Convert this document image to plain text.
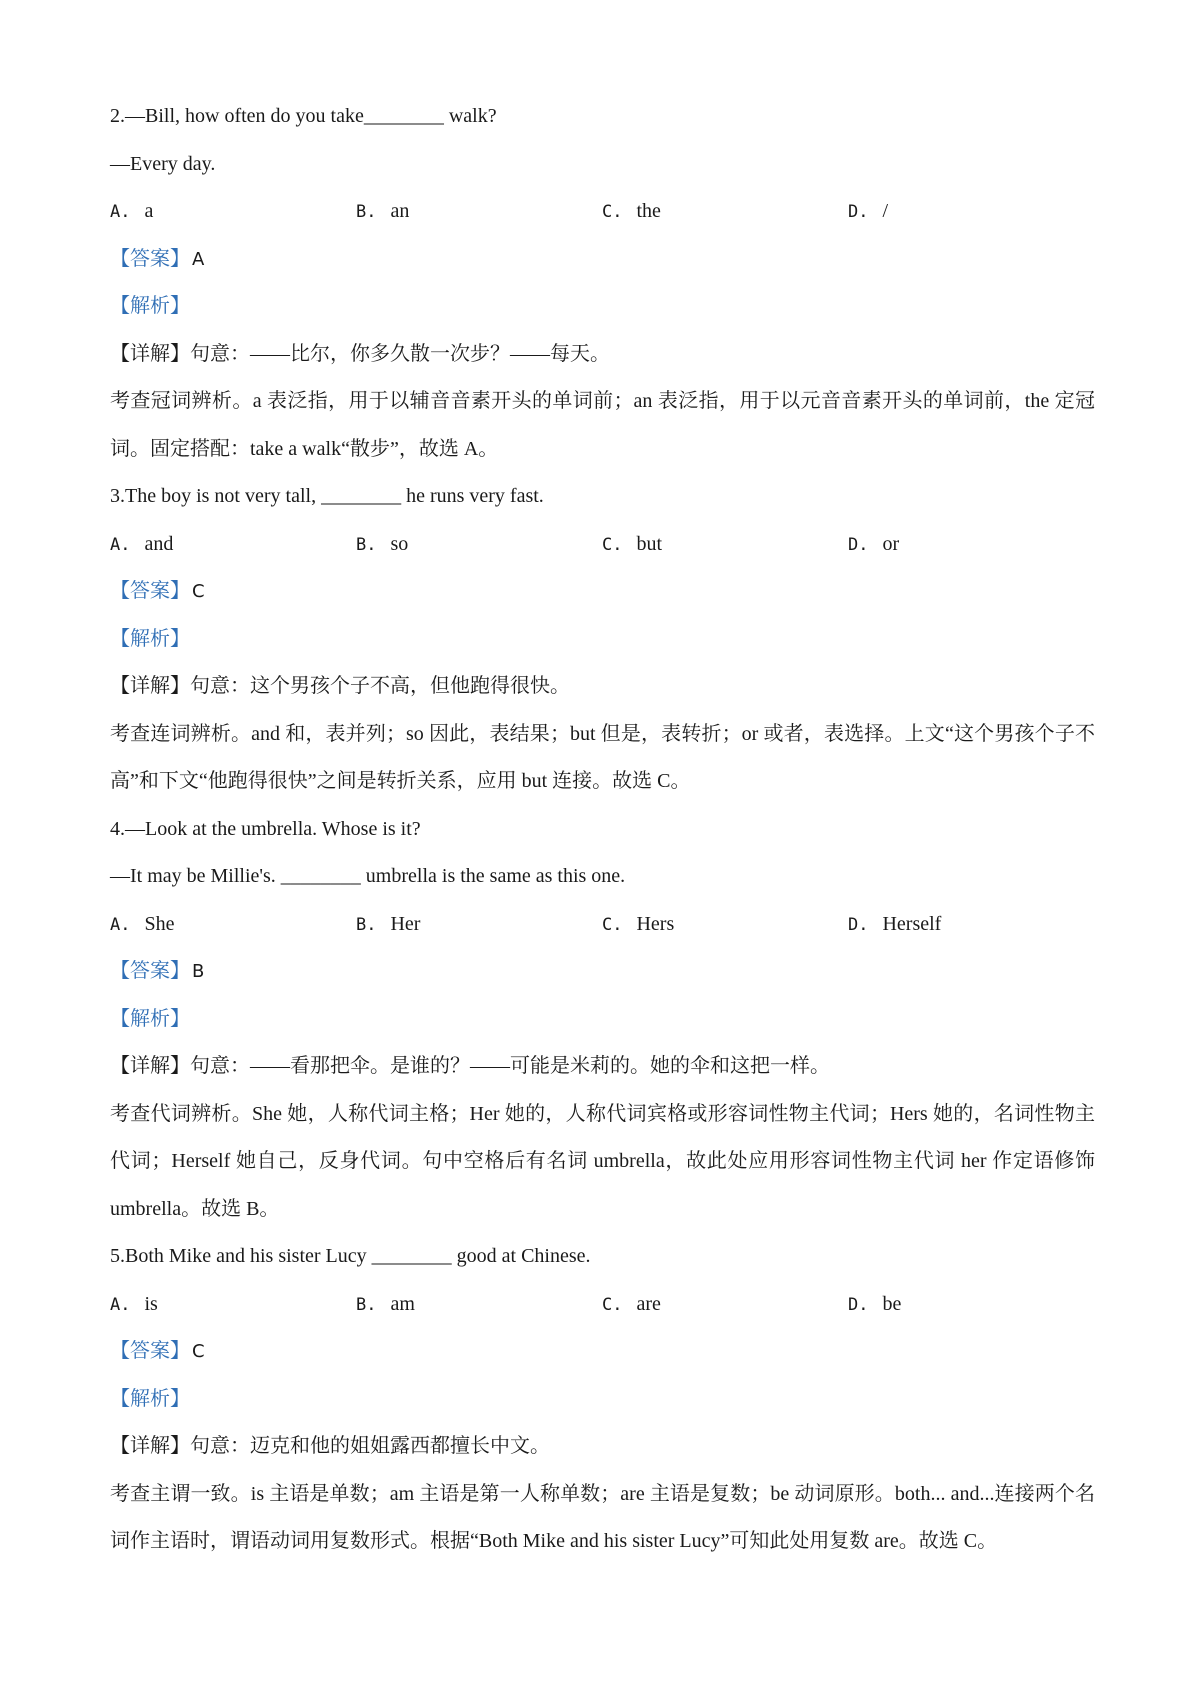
2.—Bill, how often do you take________ walk?
—Every day.
A. a	B. an	C. the	D. /
【答案】 A
【解析】
【详解】句意：——比尔，你多久散一次步？——每天。
考查冠词辨析。a 表泛指，用于以辅音音素开头的单词前；an 表泛指，用于以元音音素开头的单词前，the 定冠词。固定搭配：take a walk“散步”，故选 A。
3.The boy is not very tall, ________ he runs very fast.
A. and	B. so	C. but	D. or
【答案】 C
【解析】
【详解】句意：这个男孩个子不高，但他跑得很快。
考查连词辨析。and 和，表并列；so 因此，表结果；but 但是，表转折；or 或者，表选择。上文“这个男孩个子不高”和下文“他跑得很快”之间是转折关系，应用 but 连接。故选 C。
4.—Look at the umbrella. Whose is it?
—It may be Millie's. ________ umbrella is the same as this one.
A. She	B. Her	C. Hers	D. Herself
【答案】 B
【解析】
【详解】句意：——看那把伞。是谁的？——可能是米莉的。她的伞和这把一样。
考查代词辨析。She 她，人称代词主格；Her 她的，人称代词宾格或形容词性物主代词；Hers 她的，名词性物主代词；Herself 她自己，反身代词。句中空格后有名词 umbrella，故此处应用形容词性物主代词 her 作定语修饰 umbrella。故选 B。
5.Both Mike and his sister Lucy ________ good at Chinese.
A. is	B. am	C. are	D. be
【答案】 C
【解析】
【详解】句意：迈克和他的姐姐露西都擅长中文。
考查主谓一致。is 主语是单数；am 主语是第一人称单数；are 主语是复数；be 动词原形。both... and...连接两个名词作主语时，谓语动词用复数形式。根据“Both Mike and his sister Lucy”可知此处用复数 are。故选 C。
